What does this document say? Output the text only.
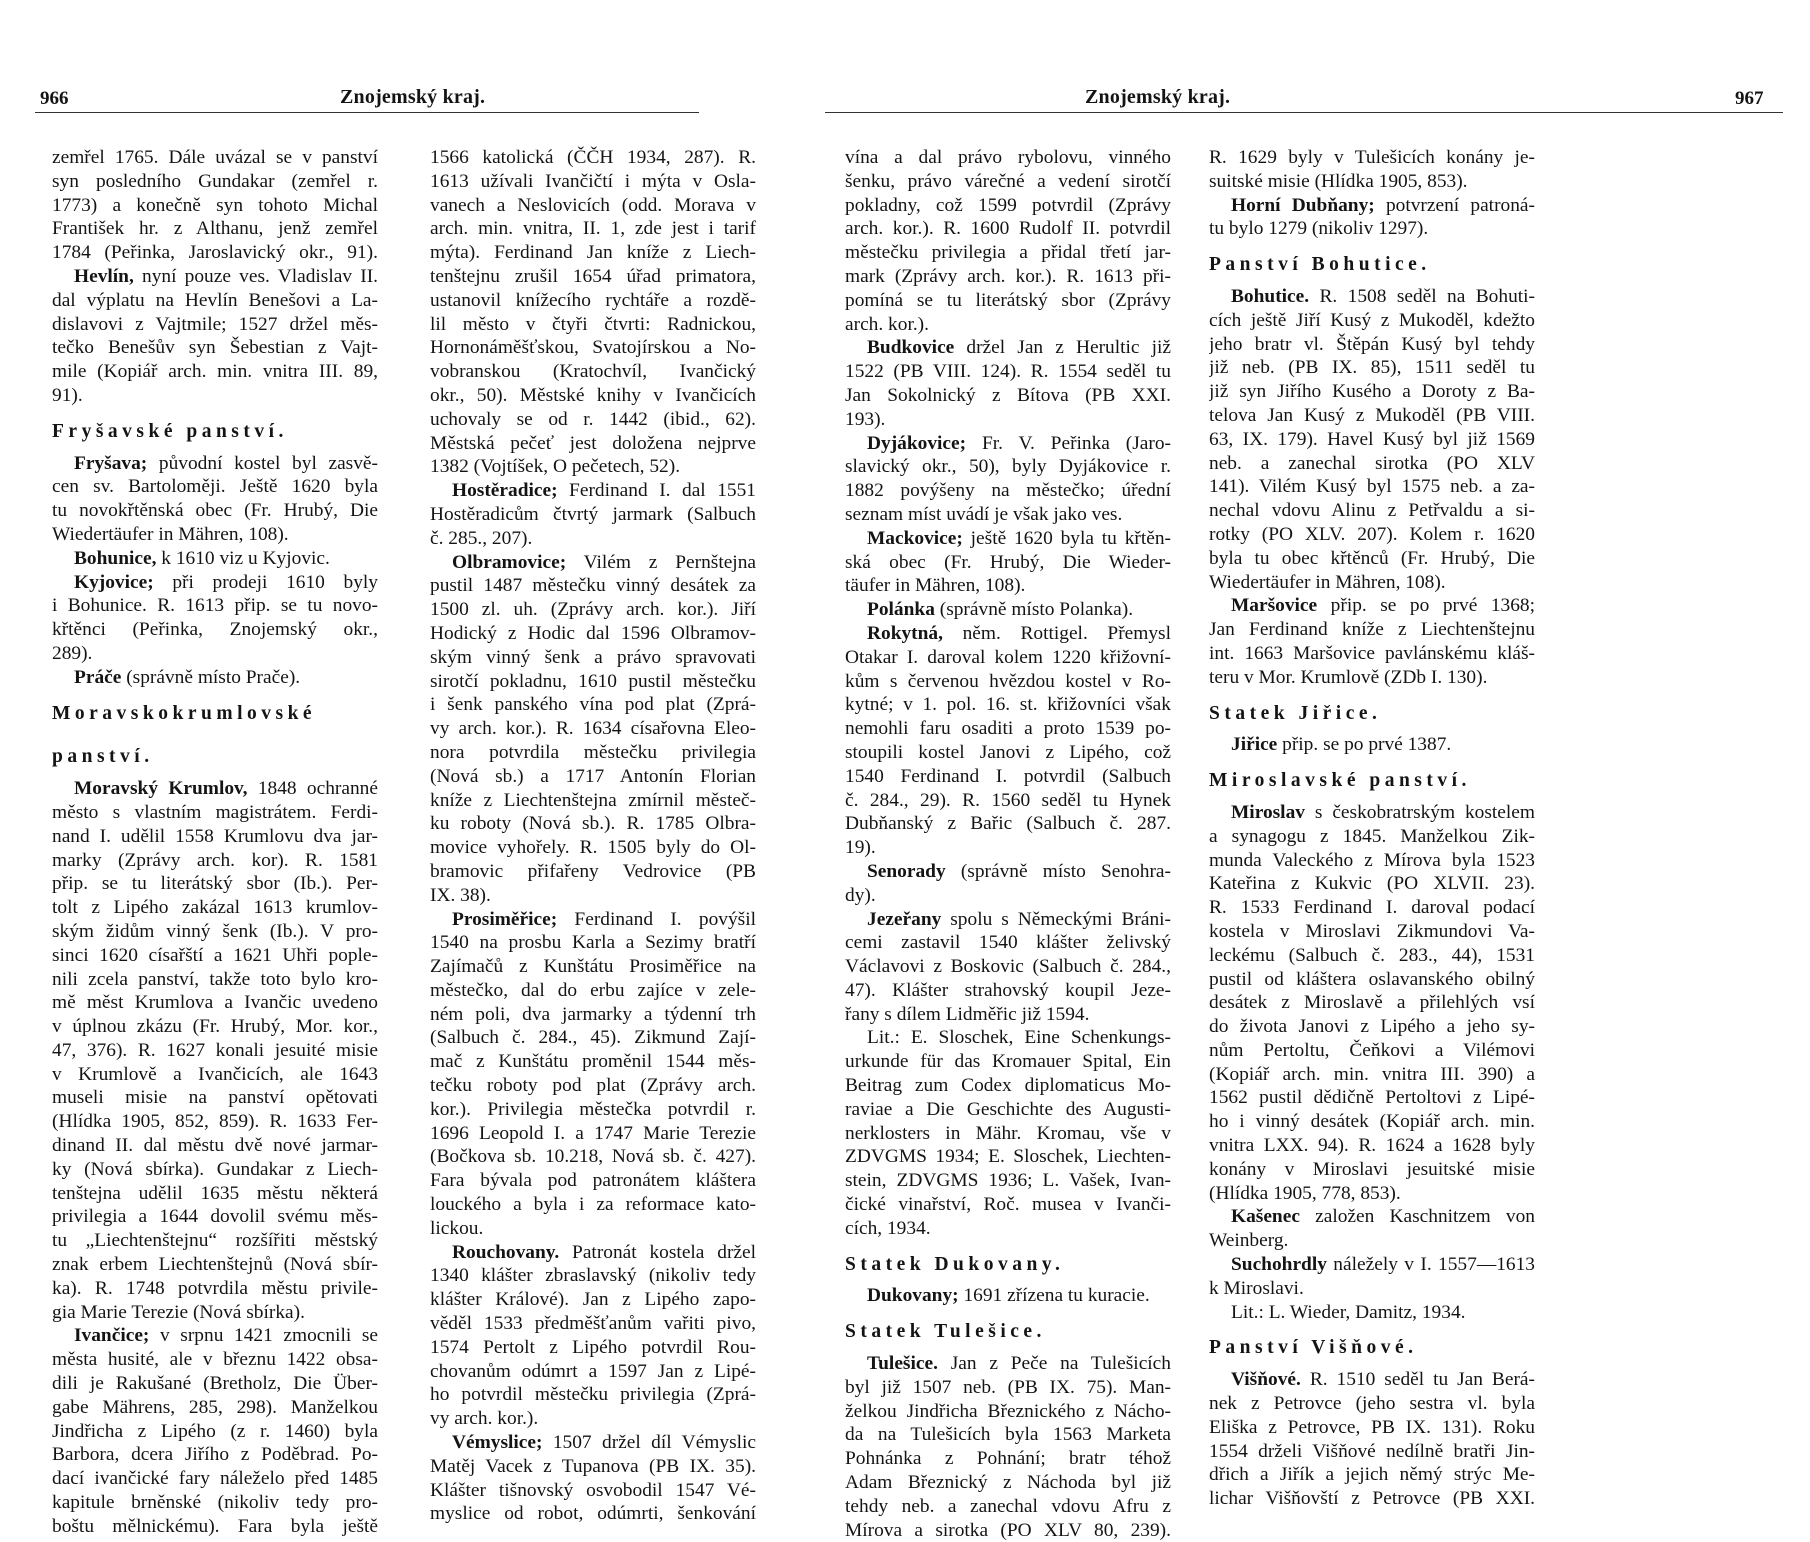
966	Znojemský kraj.
zemřel 1765. Dále uvázal se v panství
syn posledního Gundakar (zemřel r.
1773) a konečně syn tohoto Michal
František hr. z Althanu, jenž zemřel
1784 (Peřinka, Jaroslavický okr., 91).
Hevlín, nyní pouze ves. Vladislav II.
dal výplatu na Hevlín Benešovi a La-
dislavovi z Vajtmile; 1527 držel měs-
tečko Benešův syn Šebestian z Vajt-
mile (Kopiář arch. min. vnitra III. 89,
91).
Fryšavské panství.
Fryšava; původní kostel byl zasvě-
cen sv. Bartoloměji. Ještě 1620 byla
tu novokřtěnská obec (Fr. Hrubý, Die
Wiedertäufer in Mähren, 108).
Bohunice, k 1610 viz u Kyjovic.
Kyjovice; při prodeji 1610 byly
i Bohunice. R. 1613 přip. se tu novo-
křtěnci (Peřinka, Znojemský okr.,
289).
Práče (správně místo Prače).
Moravskokrumlovské
panství.
Moravský Krumlov, 1848 ochranné
město s vlastním magistrátem. Ferdi-
nand I. udělil 1558 Krumlovu dva jar-
marky (Zprávy arch. kor). R. 1581
přip. se tu literátský sbor (Ib.). Per-
tolt z Lipého zakázal 1613 krumlov-
ským židům vinný šenk (Ib.). V pro-
sinci 1620 císařští a 1621 Uhři pople-
nili zcela panství, takže toto bylo kro-
mě měst Krumlova a Ivančic uvedeno
v úplnou zkázu (Fr. Hrubý, Mor. kor.,
47, 376). R. 1627 konali jesuité misie
v Krumlově a Ivančicích, ale 1643
museli misie na panství opětovati
(Hlídka 1905, 852, 859). R. 1633 Fer-
dinand II. dal městu dvě nové jarmar-
ky (Nová sbírka). Gundakar z Liech-
tenštejna udělil 1635 městu některá
privilegia a 1644 dovolil svému měs-
tu „Liechtenštejnu“ rozšířiti městský
znak erbem Liechtenštejnů (Nová sbír-
ka). R. 1748 potvrdila městu privile-
gia Marie Terezie (Nová sbírka).
Ivančice; v srpnu 1421 zmocnili se
města husité, ale v březnu 1422 obsa-
dili je Rakušané (Bretholz, Die Über-
gabe Mährens, 285, 298). Manželkou
Jindřicha z Lipého (z r. 1460) byla
Barbora, dcera Jiřího z Poděbrad. Po-
dací ivančické fary náleželo před 1485
kapitule brněnské (nikoliv tedy pro-
boštu mělnickému). Fara byla ještě
1566 katolická (ČČH 1934, 287). R.
1613 užívali Ivančičtí i mýta v Osla-
vanech a Neslovicích (odd. Morava v
arch. min. vnitra, II. 1, zde jest i tarif
mýta). Ferdinand Jan kníže z Liech-
tenštejnu zrušil 1654 úřad primatora,
ustanovil knížecího rychtáře a rozdě-
lil město v čtyři čtvrti: Radnickou,
Hornonáměšťskou, Svatojírskou a No-
vobranskou (Kratochvíl, Ivančický
okr., 50). Městské knihy v Ivančicích
uchovaly se od r. 1442 (ibid., 62).
Městská pečeť jest doložena nejprve
1382 (Vojtíšek, O pečetech, 52).
Hostěradice; Ferdinand I. dal 1551
Hostěradicům čtvrtý jarmark (Salbuch
č. 285., 207).
Olbramovice; Vilém z Pernštejna
pustil 1487 městečku vinný desátek za
1500 zl. uh. (Zprávy arch. kor.). Jiří
Hodický z Hodic dal 1596 Olbramov-
ským vinný šenk a právo spravovati
sirotčí pokladnu, 1610 pustil městečku
i šenk panského vína pod plat (Zprá-
vy arch. kor.). R. 1634 císařovna Eleo-
nora potvrdila městečku privilegia
(Nová sb.) a 1717 Antonín Florian
kníže z Liechtenštejna zmírnil městeč-
ku roboty (Nová sb.). R. 1785 Olbra-
movice vyhořely. R. 1505 byly do Ol-
bramovic přifařeny Vedrovice (PB
IX. 38).
Prosiměřice; Ferdinand I. povýšil
1540 na prosbu Karla a Sezimy bratří
Zajímačů z Kunštátu Prosiměřice na
městečko, dal do erbu zajíce v zele-
ném poli, dva jarmarky a týdenní trh
(Salbuch č. 284., 45). Zikmund Zají-
mač z Kunštátu proměnil 1544 měs-
tečku roboty pod plat (Zprávy arch.
kor.). Privilegia městečka potvrdil r.
1696 Leopold I. a 1747 Marie Terezie
(Bočkova sb. 10.218, Nová sb. č. 427).
Fara bývala pod patronátem kláštera
louckého a byla i za reformace kato-
lickou.
Rouchovany. Patronát kostela držel
1340 klášter zbraslavský (nikoliv tedy
klášter Králové). Jan z Lipého zapo-
věděl 1533 předměšťanům vařiti pivo,
1574 Pertolt z Lipého potvrdil Rou-
chovanům odúmrt a 1597 Jan z Lipé-
ho potvrdil městečku privilegia (Zprá-
vy arch. kor.).
Vémyslice; 1507 držel díl Vémyslic
Matěj Vacek z Tupanova (PB IX. 35).
Klášter tišnovský osvobodil 1547 Vé-
myslice od robot, odúmrti, šenkování
Znojemský kraj.	967
vína a dal právo rybolovu, vinného
šenku, právo várečné a vedení sirotčí
pokladny, což 1599 potvrdil (Zprávy
arch. kor.). R. 1600 Rudolf II. potvrdil
městečku privilegia a přidal třetí jar-
mark (Zprávy arch. kor.). R. 1613 při-
pomíná se tu literátský sbor (Zprávy
arch. kor.).
Budkovice držel Jan z Herultic již
1522 (PB VIII. 124). R. 1554 seděl tu
Jan Sokolnický z Bítova (PB XXI.
193).
Dyjákovice; Fr. V. Peřinka (Jaro-
slavický okr., 50), byly Dyjákovice r.
1882 povýšeny na městečko; úřední
seznam míst uvádí je však jako ves.
Mackovice; ještě 1620 byla tu křtěn-
ská obec (Fr. Hrubý, Die Wieder-
täufer in Mähren, 108).
Polánka (správně místo Polanka).
Rokytná, něm. Rottigel. Přemysl
Otakar I. daroval kolem 1220 křižovní-
kům s červenou hvězdou kostel v Ro-
kytné; v 1. pol. 16. st. křižovníci však
nemohli faru osaditi a proto 1539 po-
stoupili kostel Janovi z Lipého, což
1540 Ferdinand I. potvrdil (Salbuch
č. 284., 29). R. 1560 seděl tu Hynek
Dubňanský z Bařic (Salbuch č. 287.
19).
Senorady (správně místo Senohra-
dy).
Jezeřany spolu s Německými Bráni-
cemi zastavil 1540 klášter želivský
Václavovi z Boskovic (Salbuch č. 284.,
47). Klášter strahovský koupil Jeze-
řany s dílem Lidměřic již 1594.
Lit.: E. Sloschek, Eine Schenkungs-
urkunde für das Kromauer Spital, Ein
Beitrag zum Codex diplomaticus Mo-
raviae a Die Geschichte des Augusti-
nerklosters in Mähr. Kromau, vše v
ZDVGMS 1934; E. Sloschek, Liechten-
stein, ZDVGMS 1936; L. Vašek, Ivan-
čické vinařství, Roč. musea v Ivanči-
cích, 1934.
Statek Dukovany.
Dukovany; 1691 zřízena tu kuracie.
Statek Tulešice.
Tulešice. Jan z Peče na Tulešicích
byl již 1507 neb. (PB IX. 75). Man-
želkou Jindřicha Březnického z Nácho-
da na Tulešicích byla 1563 Marketa
Pohnánka z Pohnání; bratr téhož
Adam Březnický z Náchoda byl již
tehdy neb. a zanechal vdovu Afru z
Mírova a sirotka (PO XLV 80, 239).
R. 1629 byly v Tulešicích konány je-
suitské misie (Hlídka 1905, 853).
Horní Dubňany; potvrzení patroná-
tu bylo 1279 (nikoliv 1297).
Panství Bohutice.
Bohutice. R. 1508 seděl na Bohuti-
cích ještě Jiří Kusý z Mukoděl, kdežto
jeho bratr vl. Štěpán Kusý byl tehdy
již neb. (PB IX. 85), 1511 seděl tu
již syn Jiřího Kusého a Doroty z Ba-
telova Jan Kusý z Mukoděl (PB VIII.
63, IX. 179). Havel Kusý byl již 1569
neb. a zanechal sirotka (PO XLV
141). Vilém Kusý byl 1575 neb. a za-
nechal vdovu Alinu z Petřvaldu a si-
rotky (PO XLV. 207). Kolem r. 1620
byla tu obec křtěnců (Fr. Hrubý, Die
Wiedertäufer in Mähren, 108).
Maršovice přip. se po prvé 1368;
Jan Ferdinand kníže z Liechtenštejnu
int. 1663 Maršovice pavlánskému kláš-
teru v Mor. Krumlově (ZDb I. 130).
Statek Jiřice.
Jiřice přip. se po prvé 1387.
Miroslavské panství.
Miroslav s českobratrským kostelem
a synagogu z 1845. Manželkou Zik-
munda Valeckého z Mírova byla 1523
Kateřina z Kukvic (PO XLVII. 23).
R. 1533 Ferdinand I. daroval podací
kostela v Miroslavi Zikmundovi Va-
leckému (Salbuch č. 283., 44), 1531
pustil od kláštera oslavanského obilný
desátek z Miroslavě a přilehlých vsí
do života Janovi z Lipého a jeho sy-
nům Pertoltu, Čeňkovi a Vilémovi
(Kopiář arch. min. vnitra III. 390) a
1562 pustil dědičně Pertoltovi z Lipé-
ho i vinný desátek (Kopiář arch. min.
vnitra LXX. 94). R. 1624 a 1628 byly
konány v Miroslavi jesuitské misie
(Hlídka 1905, 778, 853).
Kašenec založen Kaschnitzem von
Weinberg.
Suchohrdly náležely v I. 1557—1613
k Miroslavi.
Lit.: L. Wieder, Damitz, 1934.
Panství Višňové.
Višňové. R. 1510 seděl tu Jan Berá-
nek z Petrovce (jeho sestra vl. byla
Eliška z Petrovce, PB IX. 131). Roku
1554 drželi Višňové nedílně bratři Jin-
dřich a Jiřík a jejich němý strýc Me-
lichar Višňovští z Petrovce (PB XXI.
